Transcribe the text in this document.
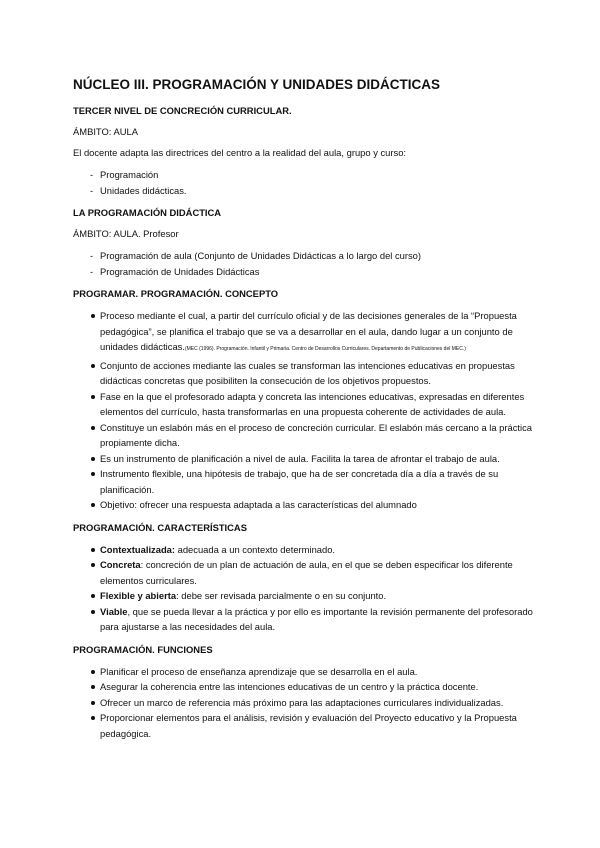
NÚCLEO III. PROGRAMACIÓN Y UNIDADES DIDÁCTICAS
TERCER NIVEL DE CONCRECIÓN CURRICULAR.

ÁMBITO: AULA

El docente adapta las directrices del centro a la realidad del aula, grupo y curso:

- Programación
- Unidades didácticas.
LA PROGRAMACIÓN DIDÁCTICA

ÁMBITO: AULA. Profesor

- Programación de aula (Conjunto de Unidades Didácticas a lo largo del curso)
- Programación de Unidades Didácticas
PROGRAMAR. PROGRAMACIÓN. CONCEPTO
Proceso mediante el cual, a partir del currículo oficial y de las decisiones generales de la “Propuesta pedagógica”, se planifica el trabajo que se va a desarrollar en el aula, dando lugar a un conjunto de unidades didácticas.(MEC (1996). Programación. Infantil y Primaria. Centro de Desarrollos Curriculares. Departamento de Publicaciones del MEC.)
Conjunto de acciones mediante las cuales se transforman las intenciones educativas en propuestas didácticas concretas que posibiliten la consecución de los objetivos propuestos.
Fase en la que el profesorado adapta y concreta las intenciones educativas, expresadas en diferentes elementos del currículo, hasta transformarlas en una propuesta coherente de actividades de aula.
Constituye un eslabón más en el proceso de concreción curricular. El eslabón más cercano a la práctica propiamente dicha.
Es un instrumento de planificación a nivel de aula. Facilita la tarea de afrontar el trabajo de aula.
Instrumento flexible, una hipótesis de trabajo, que ha de ser concretada día a día a través de su planificación.
Objetivo: ofrecer una respuesta adaptada a las características del alumnado
PROGRAMACIÓN. CARACTERÍSTICAS
Contextualizada: adecuada a un contexto determinado.
Concreta: concreción de un plan de actuación de aula, en el que se deben especificar los diferente elementos curriculares.
Flexible y abierta: debe ser revisada parcialmente o en su conjunto.
Viable, que se pueda llevar a la práctica y por ello es importante la revisión permanente del profesorado para ajustarse a las necesidades del aula.
PROGRAMACIÓN. FUNCIONES
Planificar el proceso de enseñanza aprendizaje que se desarrolla en el aula.
Asegurar la coherencia entre las intenciones educativas de un centro y la práctica docente.
Ofrecer un marco de referencia más próximo para las adaptaciones curriculares individualizadas.
Proporcionar elementos para el análisis, revisión y evaluación del Proyecto educativo y la Propuesta pedagógica.
